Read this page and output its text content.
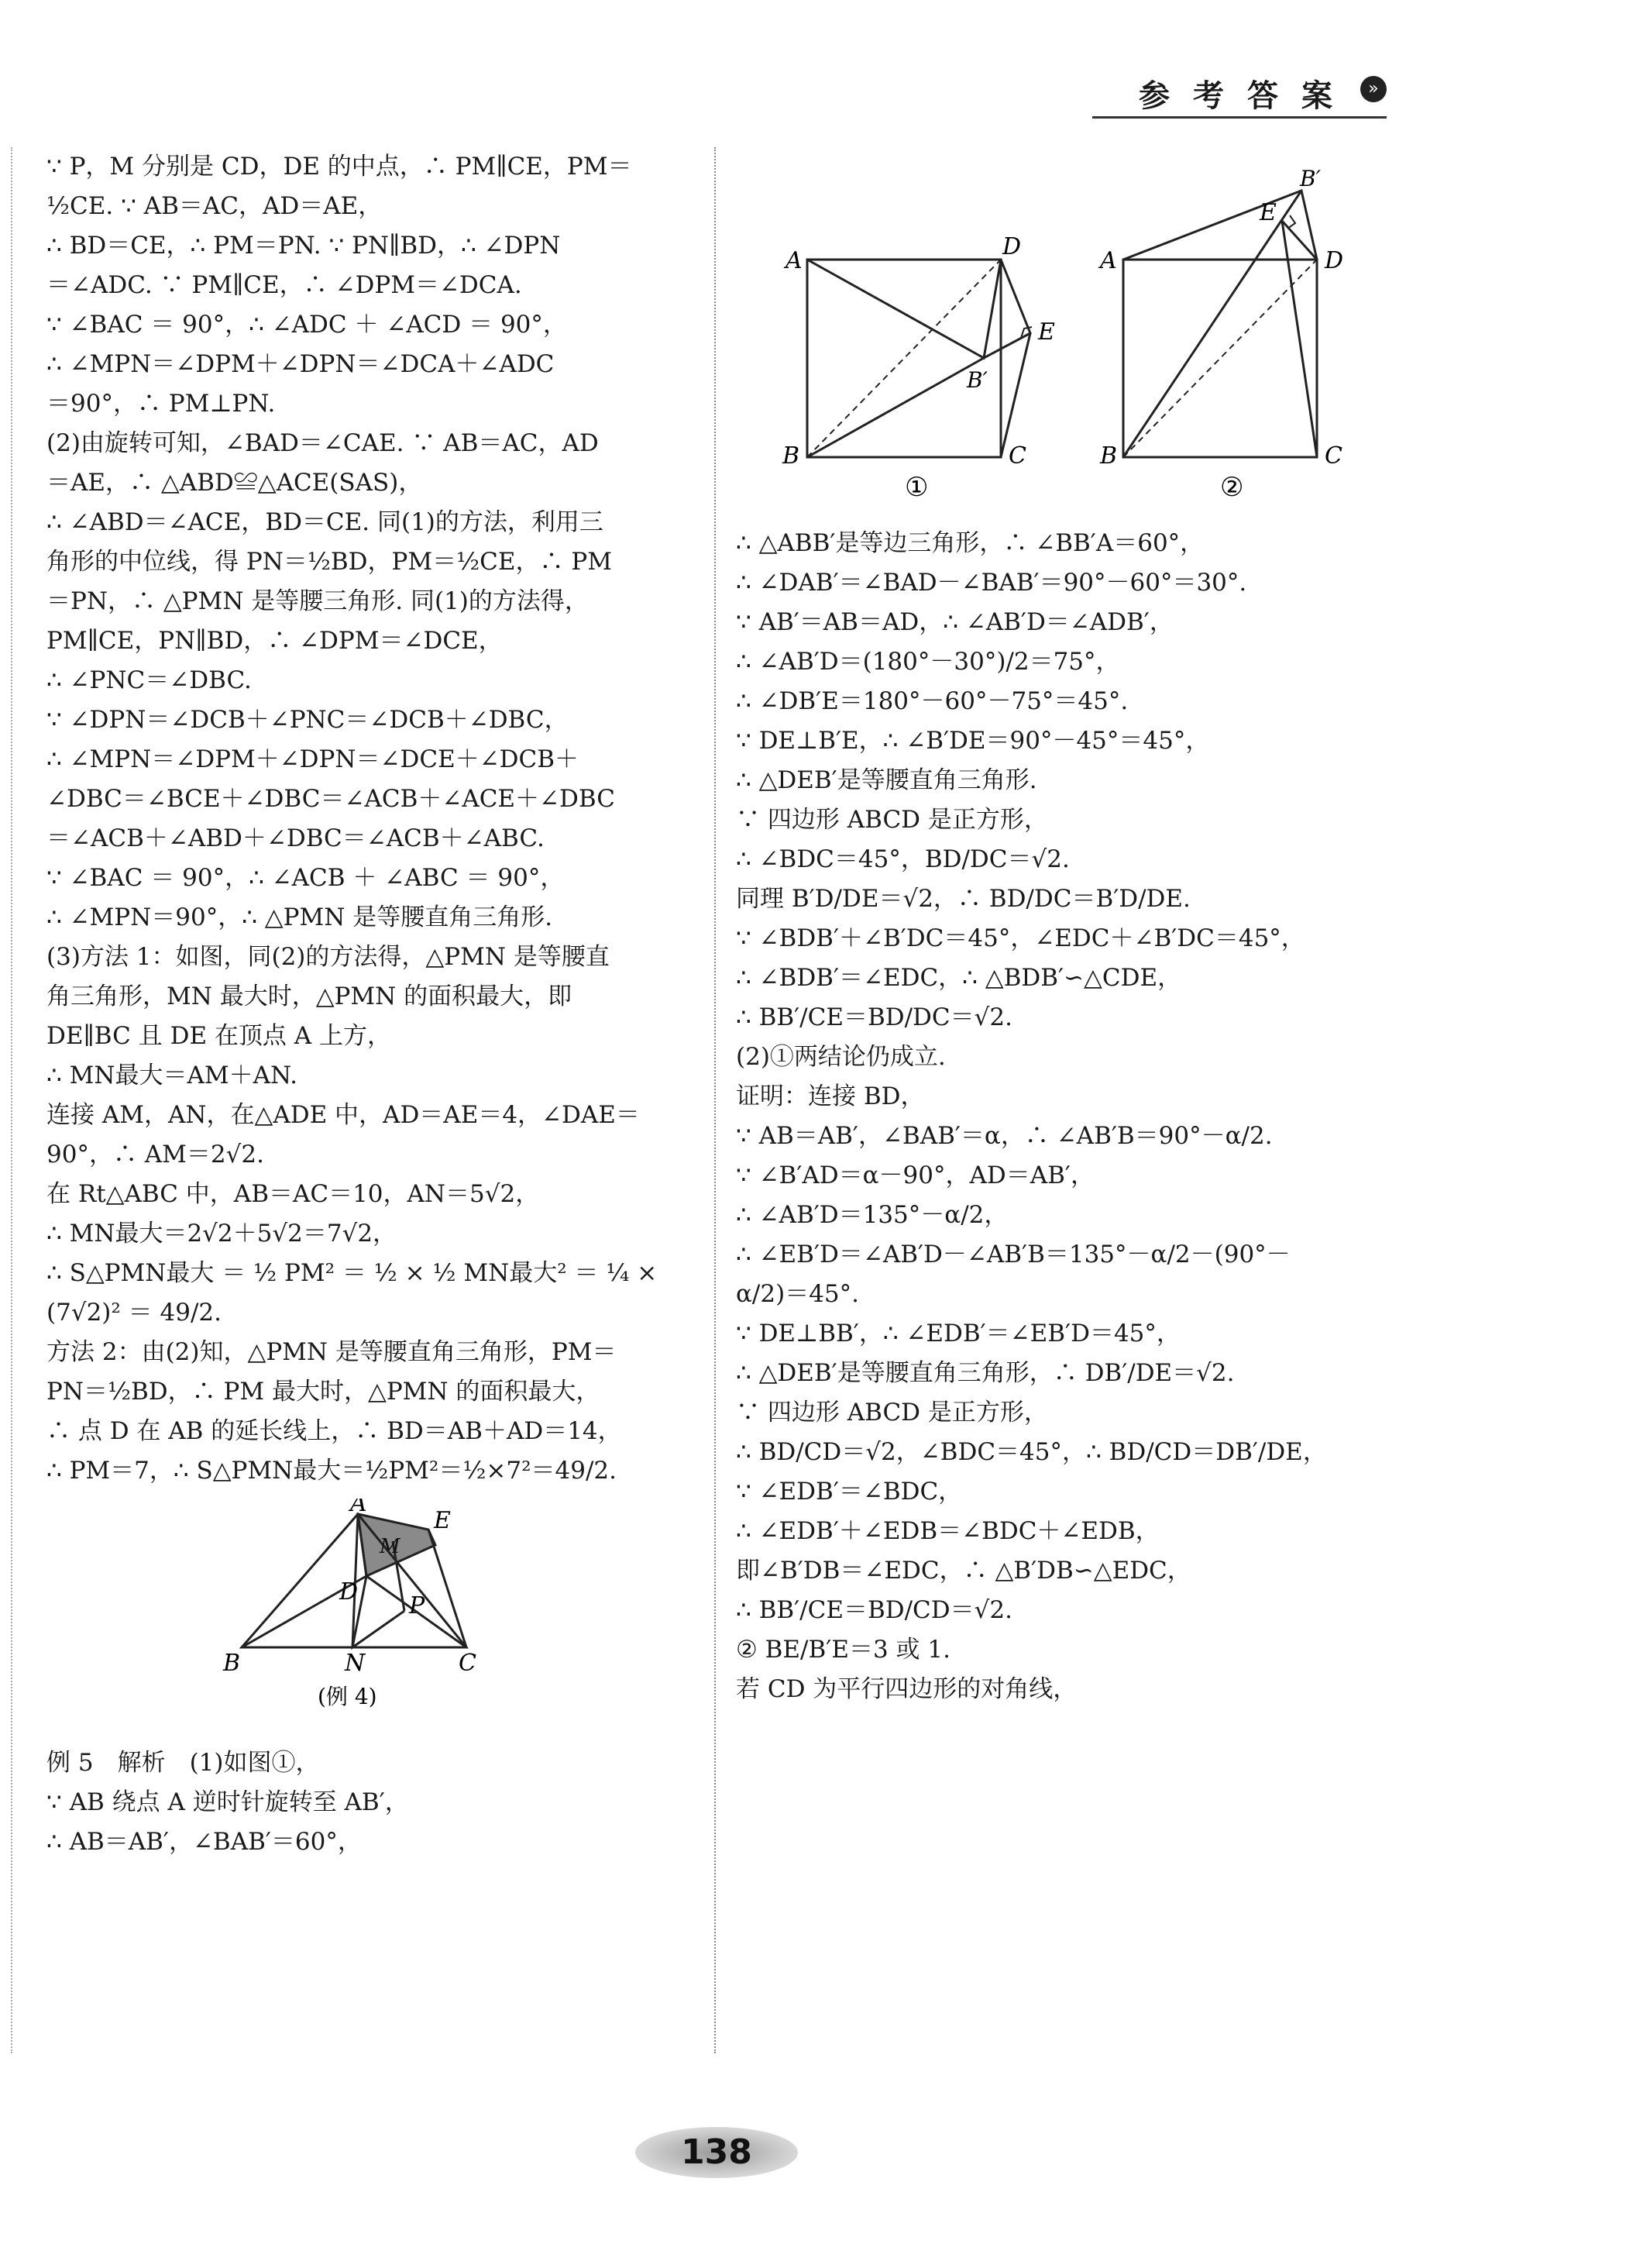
参考答案 »
∵ P，M 分别是 CD，DE 的中点，∴ PM∥CE，PM＝
½CE. ∵ AB＝AC，AD＝AE，
∴ BD＝CE，∴ PM＝PN. ∵ PN∥BD，∴ ∠DPN
＝∠ADC. ∵ PM∥CE，∴ ∠DPM＝∠DCA.
∵ ∠BAC ＝ 90°，∴ ∠ADC ＋ ∠ACD ＝ 90°，
∴ ∠MPN＝∠DPM＋∠DPN＝∠DCA＋∠ADC
＝90°，∴ PM⊥PN.
(2)由旋转可知，∠BAD＝∠CAE. ∵ AB＝AC，AD
＝AE，∴ △ABD≌△ACE(SAS)，
∴ ∠ABD＝∠ACE，BD＝CE. 同(1)的方法，利用三
角形的中位线，得 PN＝½BD，PM＝½CE，∴ PM
＝PN，∴ △PMN 是等腰三角形. 同(1)的方法得，
PM∥CE，PN∥BD，∴ ∠DPM＝∠DCE，
∴ ∠PNC＝∠DBC.
∵ ∠DPN＝∠DCB＋∠PNC＝∠DCB＋∠DBC，
∴ ∠MPN＝∠DPM＋∠DPN＝∠DCE＋∠DCB＋
∠DBC＝∠BCE＋∠DBC＝∠ACB＋∠ACE＋∠DBC
＝∠ACB＋∠ABD＋∠DBC＝∠ACB＋∠ABC.
∵ ∠BAC ＝ 90°，∴ ∠ACB ＋ ∠ABC ＝ 90°，
∴ ∠MPN＝90°，∴ △PMN 是等腰直角三角形.
(3)方法 1：如图，同(2)的方法得，△PMN 是等腰直
角三角形，MN 最大时，△PMN 的面积最大，即
DE∥BC 且 DE 在顶点 A 上方，
∴ MN最大＝AM＋AN.
连接 AM，AN，在△ADE 中，AD＝AE＝4，∠DAE＝
90°，∴ AM＝2√2.
在 Rt△ABC 中，AB＝AC＝10，AN＝5√2，
∴ MN最大＝2√2＋5√2＝7√2，
∴ S△PMN最大 ＝ ½ PM² ＝ ½ × ½ MN最大² ＝ ¼ ×
(7√2)² ＝ 49/2.
方法 2：由(2)知，△PMN 是等腰直角三角形，PM＝
PN＝½BD，∴ PM 最大时，△PMN 的面积最大，
∴ 点 D 在 AB 的延长线上，∴ BD＝AB＋AD＝14，
∴ PM＝7，∴ S△PMN最大＝½PM²＝½×7²＝49/2.
A
E
M
D
P
B	N	C
(例 4)
例 5　解析　(1)如图①，
∵ AB 绕点 A 逆时针旋转至 AB′，
∴ AB＝AB′，∠BAB′＝60°，
A
D
E
B′
B	C
①
B′
E
A	D
B	C
②
∴ △ABB′是等边三角形，∴ ∠BB′A＝60°，
∴ ∠DAB′＝∠BAD－∠BAB′＝90°－60°＝30°.
∵ AB′＝AB＝AD，∴ ∠AB′D＝∠ADB′，
∴ ∠AB′D＝(180°－30°)/2＝75°，
∴ ∠DB′E＝180°－60°－75°＝45°.
∵ DE⊥B′E，∴ ∠B′DE＝90°－45°＝45°，
∴ △DEB′是等腰直角三角形.
∵ 四边形 ABCD 是正方形，
∴ ∠BDC＝45°，BD/DC＝√2.
同理 B′D/DE＝√2，∴ BD/DC＝B′D/DE.
∵ ∠BDB′＋∠B′DC＝45°，∠EDC＋∠B′DC＝45°，
∴ ∠BDB′＝∠EDC，∴ △BDB′∽△CDE，
∴ BB′/CE＝BD/DC＝√2.
(2)①两结论仍成立.
证明：连接 BD，
∵ AB＝AB′，∠BAB′＝α，∴ ∠AB′B＝90°－α/2.
∵ ∠B′AD＝α－90°，AD＝AB′，
∴ ∠AB′D＝135°－α/2，
∴ ∠EB′D＝∠AB′D－∠AB′B＝135°－α/2－(90°－
α/2)＝45°.
∵ DE⊥BB′，∴ ∠EDB′＝∠EB′D＝45°，
∴ △DEB′是等腰直角三角形，∴ DB′/DE＝√2.
∵ 四边形 ABCD 是正方形，
∴ BD/CD＝√2，∠BDC＝45°，∴ BD/CD＝DB′/DE，
∵ ∠EDB′＝∠BDC，
∴ ∠EDB′＋∠EDB＝∠BDC＋∠EDB，
即∠B′DB＝∠EDC，∴ △B′DB∽△EDC，
∴ BB′/CE＝BD/CD＝√2.
② BE/B′E＝3 或 1.
若 CD 为平行四边形的对角线，
138
